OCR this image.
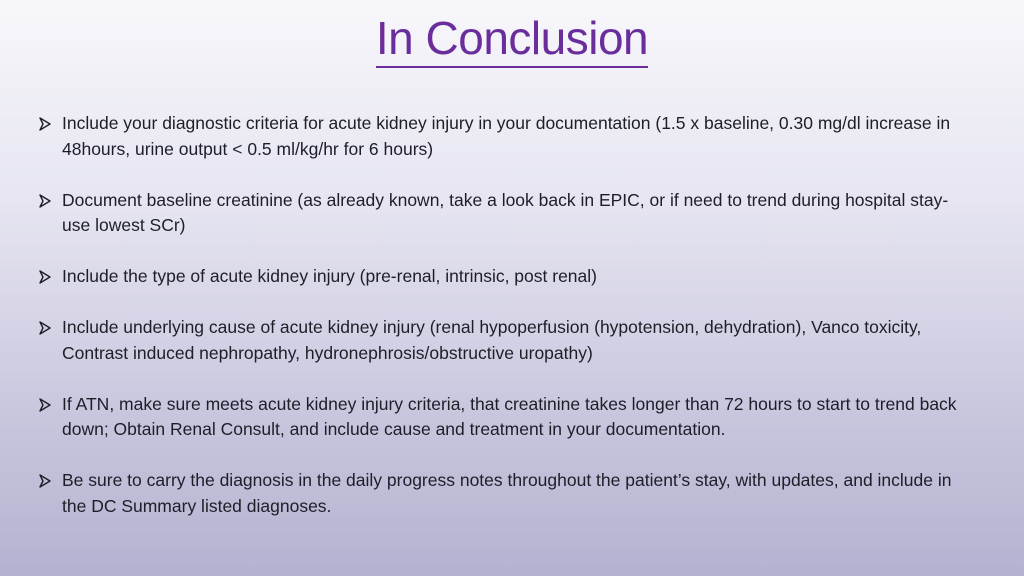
In Conclusion
Include your diagnostic criteria for acute kidney injury in your documentation (1.5 x baseline, 0.30 mg/dl increase in 48hours, urine output < 0.5 ml/kg/hr for 6 hours)
Document baseline creatinine (as already known, take a look back in EPIC, or if need to trend during hospital stay- use lowest SCr)
Include the type of acute kidney injury (pre-renal, intrinsic, post renal)
Include underlying cause of acute kidney injury (renal hypoperfusion (hypotension, dehydration), Vanco toxicity, Contrast induced nephropathy, hydronephrosis/obstructive uropathy)
If ATN, make sure meets acute kidney injury criteria, that creatinine takes longer than 72 hours to start to trend back down; Obtain Renal Consult, and include cause and treatment in your documentation.
Be sure to carry the diagnosis in the daily progress notes throughout the patient’s stay, with updates, and include in the DC Summary listed diagnoses.
